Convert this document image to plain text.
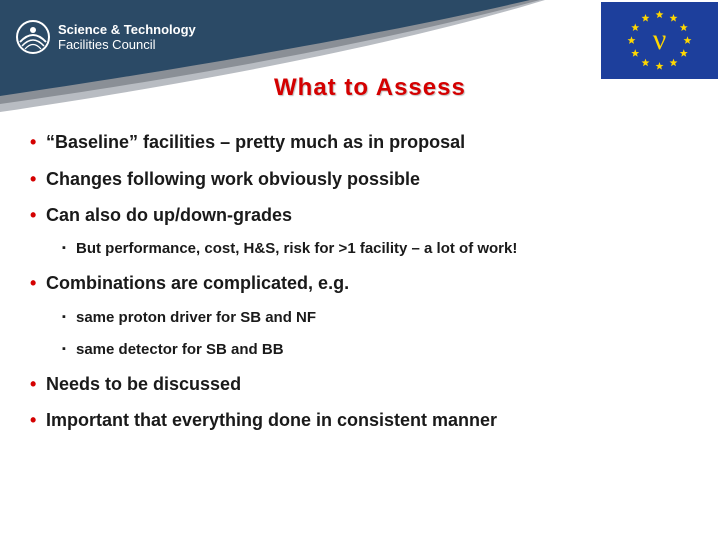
Science & Technology
Facilities Council	ν
What to Assess
• “Baseline” facilities – pretty much as in proposal
• Changes following work obviously possible
• Can also do up/down-grades
▪ But performance, cost, H&S, risk for >1 facility – a lot of work!
• Combinations are complicated, e.g.
▪ same proton driver for SB and NF
▪ same detector for SB and BB
• Needs to be discussed
• Important that everything done in consistent manner
